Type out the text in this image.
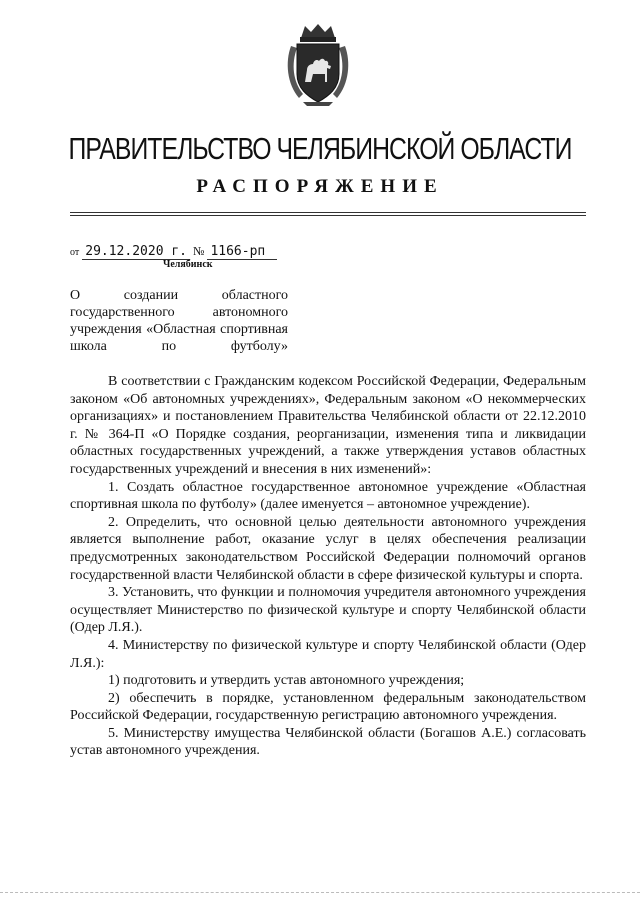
ПРАВИТЕЛЬСТВО ЧЕЛЯБИНСКОЙ ОБЛАСТИ
РАСПОРЯЖЕНИЕ
от 29.12.2020 г. № 1166-рп
Челябинск
О создании областного государственного автономного учреждения «Областная спортивная школа по футболу»

В соответствии с Гражданским кодексом Российской Федерации, Федеральным законом «Об автономных учреждениях», Федеральным законом «О некоммерческих организациях» и постановлением Правительства Челябинской области от 22.12.2010 г. № 364-П «О Порядке создания, реорганизации, изменения типа и ликвидации областных государственных учреждений, а также утверждения уставов областных государственных учреждений и внесения в них изменений»:

1. Создать областное государственное автономное учреждение «Областная спортивная школа по футболу» (далее именуется – автономное учреждение).

2. Определить, что основной целью деятельности автономного учреждения является выполнение работ, оказание услуг в целях обеспечения реализации предусмотренных законодательством Российской Федерации полномочий органов государственной власти Челябинской области в сфере физической культуры и спорта.

3. Установить, что функции и полномочия учредителя автономного учреждения осуществляет Министерство по физической культуре и спорту Челябинской области (Одер Л.Я.).

4. Министерству по физической культуре и спорту Челябинской области (Одер Л.Я.):

1) подготовить и утвердить устав автономного учреждения;

2) обеспечить в порядке, установленном федеральным законодательством Российской Федерации, государственную регистрацию автономного учреждения.

5. Министерству имущества Челябинской области (Богашов А.Е.) согласовать устав автономного учреждения.
